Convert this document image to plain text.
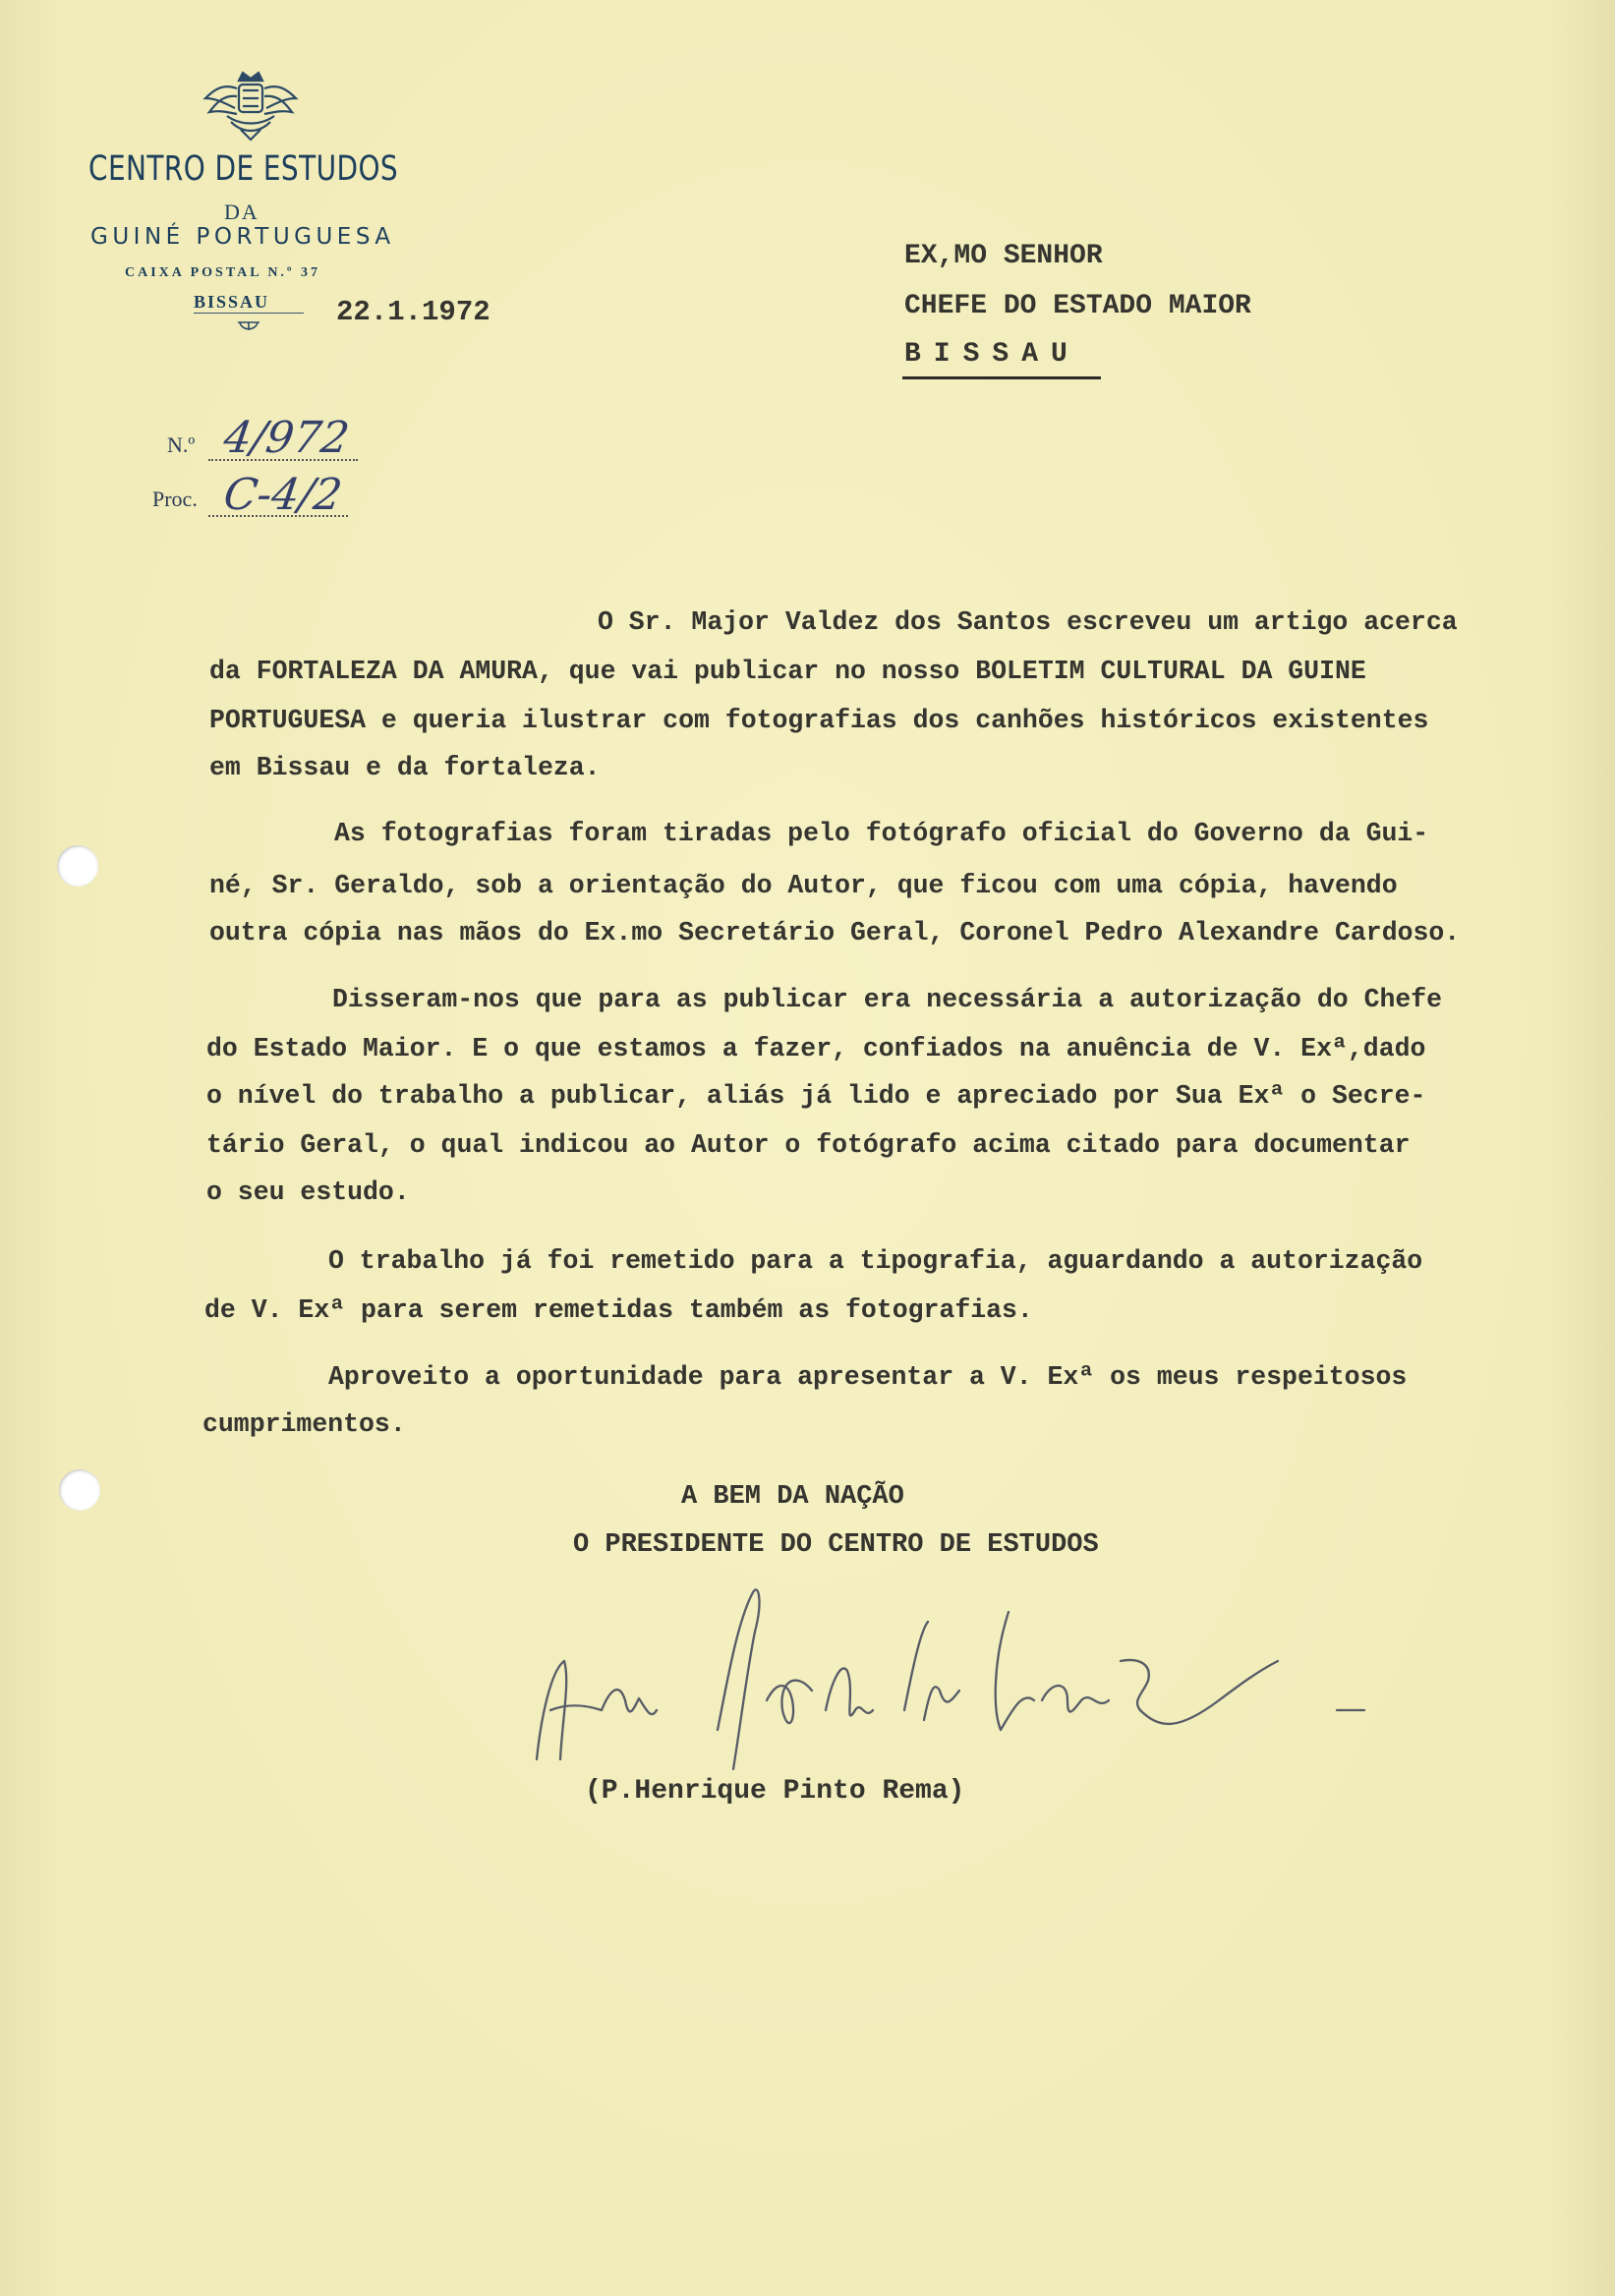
CENTRO DE ESTUDOS
DA
GUINÉ PORTUGUESA
CAIXA POSTAL N.º 37
BISSAU 22.1.1972
EX,MO SENHOR
CHEFE DO ESTADO MAIOR
BISSAU
N.º 4/972
Proc. C-4/2
O Sr. Major Valdez dos Santos escreveu um artigo acerca
da FORTALEZA DA AMURA, que vai publicar no nosso BOLETIM CULTURAL DA GUINE
PORTUGUESA e queria ilustrar com fotografias dos canhões históricos existentes
em Bissau e da fortaleza.
As fotografias foram tiradas pelo fotógrafo oficial do Governo da Gui-
né, Sr. Geraldo, sob a orientação do Autor, que ficou com uma cópia, havendo
outra cópia nas mãos do Ex.mo Secretário Geral, Coronel Pedro Alexandre Cardoso.
Disseram-nos que para as publicar era necessária a autorização do Chefe
do Estado Maior. E o que estamos a fazer, confiados na anuência de V. Exª,dado
o nível do trabalho a publicar, aliás já lido e apreciado por Sua Exª o Secre-
tário Geral, o qual indicou ao Autor o fotógrafo acima citado para documentar
o seu estudo.
O trabalho já foi remetido para a tipografia, aguardando a autorização
de V. Exª para serem remetidas também as fotografias.
Aproveito a oportunidade para apresentar a V. Exª os meus respeitosos
cumprimentos.
A BEM DA NAÇÃO
O PRESIDENTE DO CENTRO DE ESTUDOS
(P.Henrique Pinto Rema)
